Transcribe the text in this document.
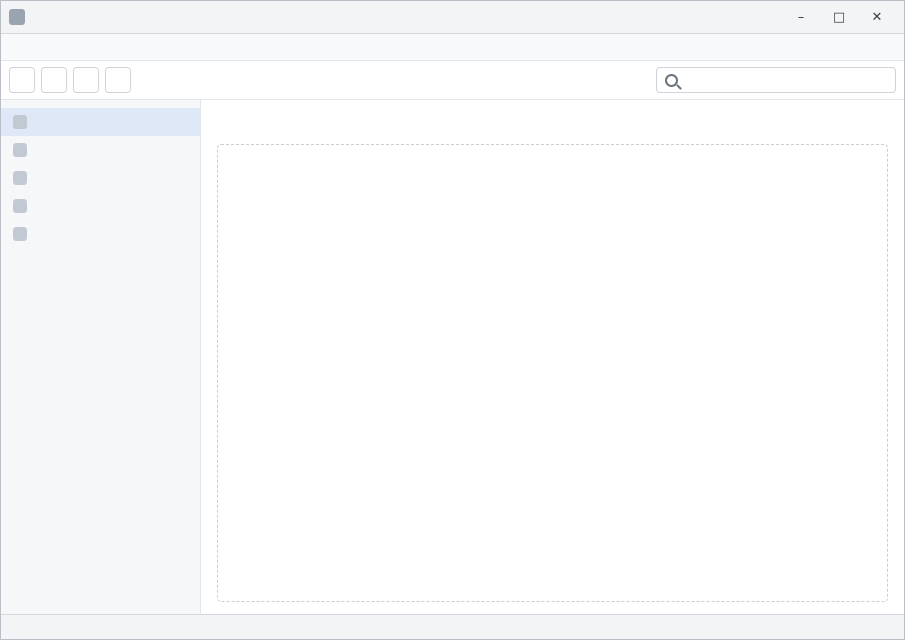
– □ ✕
